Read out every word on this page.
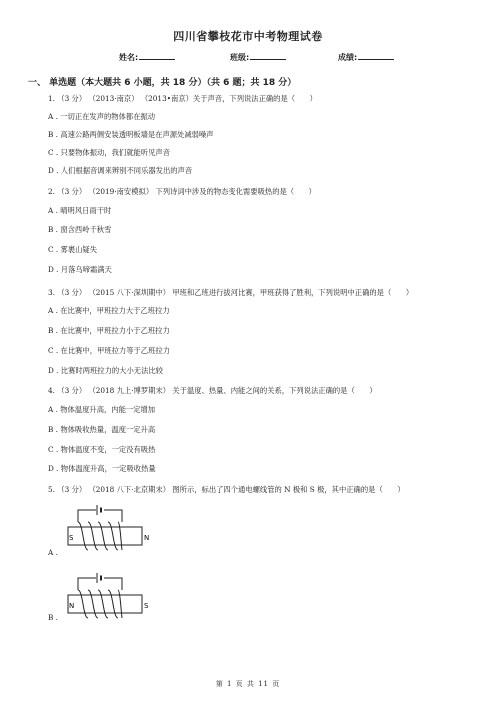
四川省攀枝花市中考物理试卷
姓名:	班级:	成绩:
一、 单选题（本大题共 6 小题，共 18 分）（共 6 题；共 18 分）
1. （3 分） （2013·南京） （2013•南京）关于声音，下列说法正确的是（　　）
A . 一切正在发声的物体都在振动
B . 高速公路两侧安装透明板墙是在声源处减弱噪声
C . 只要物体振动，我们就能听见声音
D . 人们根据音调来辨别不同乐器发出的声音
2. （3 分） （2019·南安模拟） 下列诗词中涉及的物态变化需要吸热的是（　　）
A . 晴明风日雨干时
B . 窗含西岭千秋雪
C . 雾裹山疑失
D . 月落乌啼霜满天
3. （3 分） （2015 八下·深圳期中） 甲班和乙班进行拔河比赛，甲班获得了胜利，下列说明中正确的是（　　）
A . 在比赛中，甲班拉力大于乙班拉力
B . 在比赛中，甲班拉力小于乙班拉力
C . 在比赛中，甲班拉力等于乙班拉力
D . 比赛时两班拉力的大小无法比较
4. （3 分） （2018 九上·博罗期末） 关于温度、热量、内能之间的关系，下列说法正确的是（　　）
A . 物体温度升高，内能一定增加
B . 物体吸收热量，温度一定升高
C . 物体温度不变，一定没有吸热
D . 物体温度升高，一定吸收热量
5. （3 分） （2018 八下·北京期末） 图所示，标出了四个通电螺线管的 N 极和 S 极，其中正确的是（　　）
S	N
A .
N	S
B .
第 1 页 共 11 页
